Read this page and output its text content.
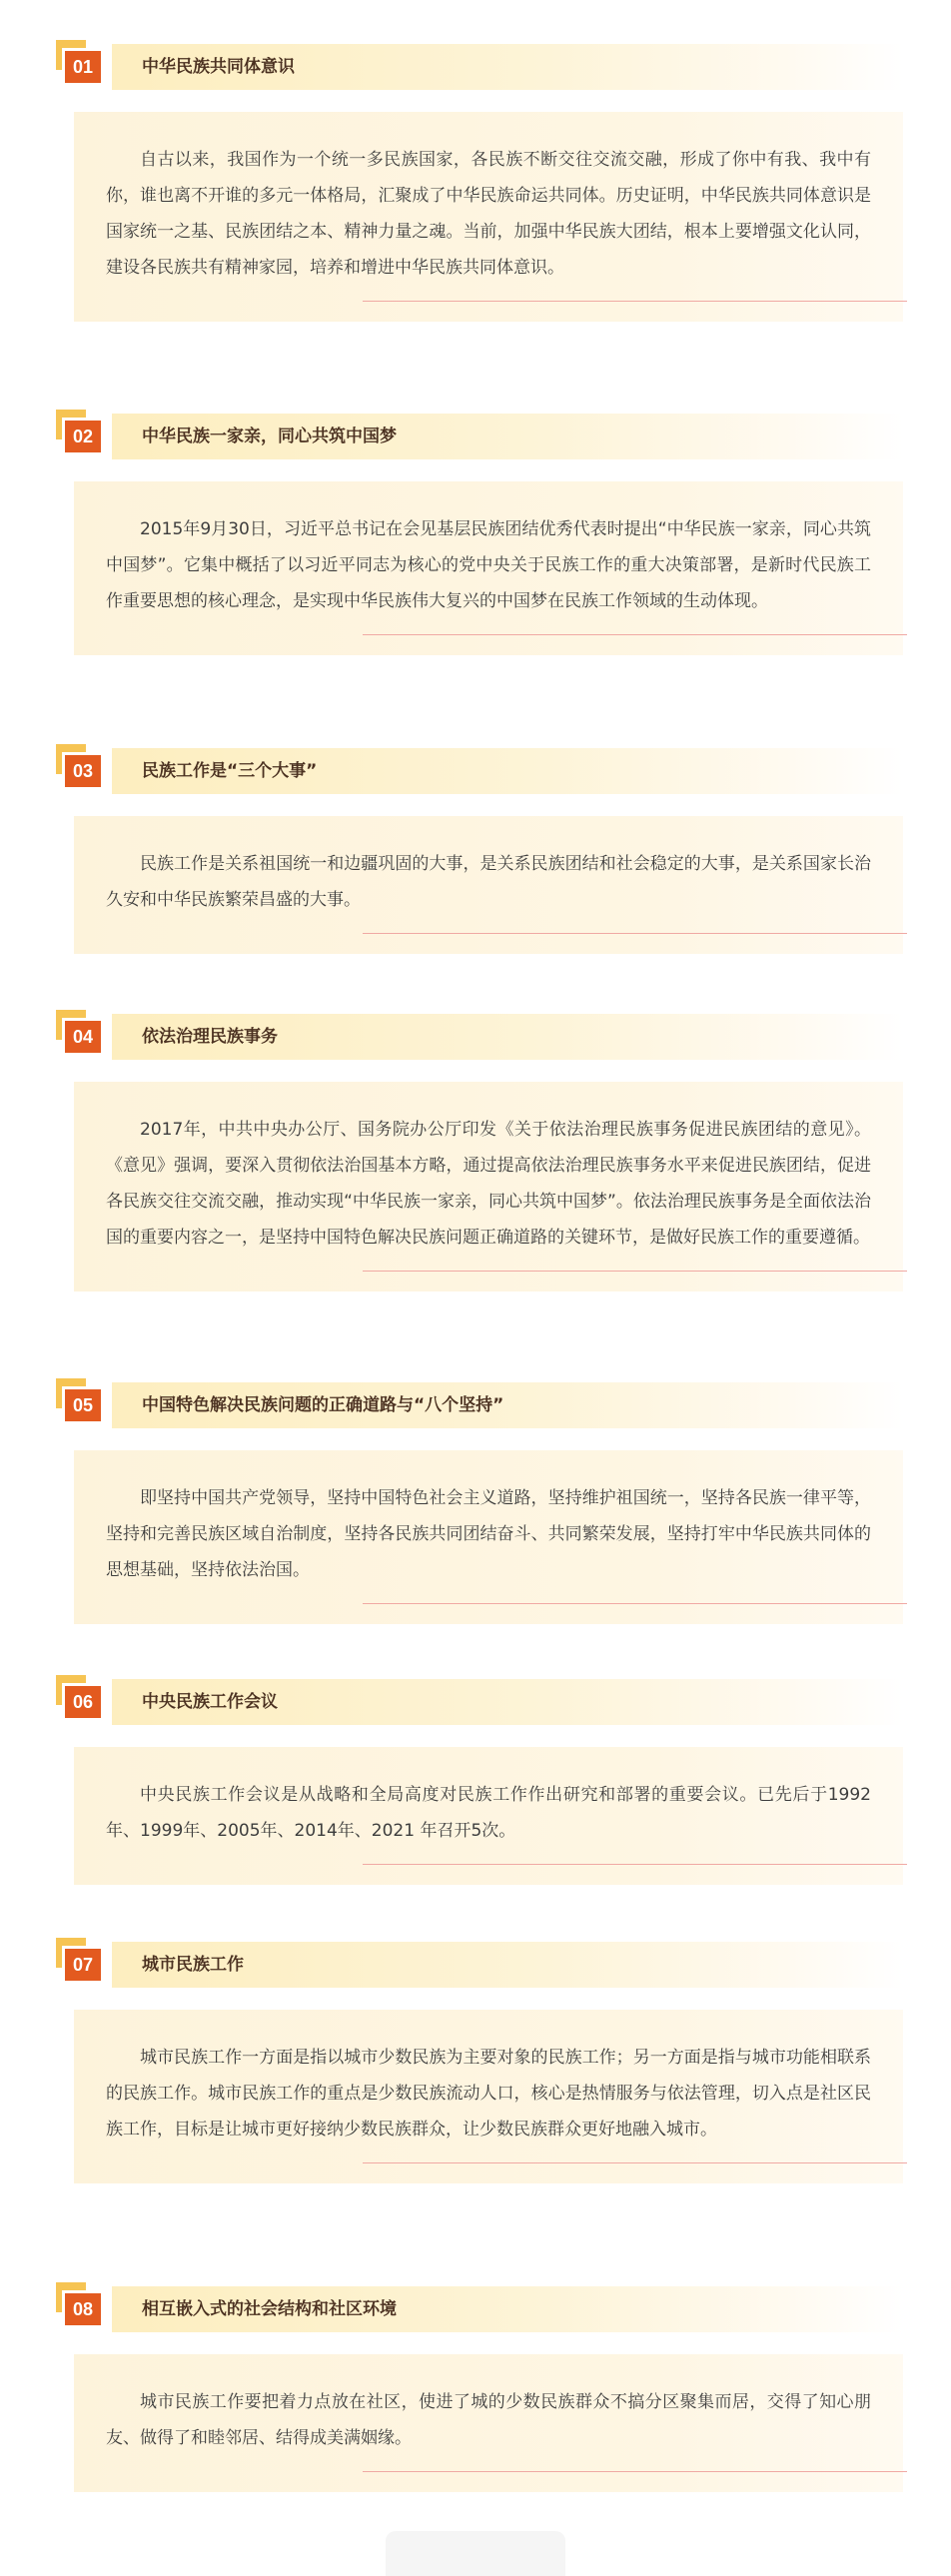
01	中华民族共同体意识

自古以来，我国作为一个统一多民族国家，各民族不断交往交流交融，形成了你中有我、我中有你，谁也离不开谁的多元一体格局，汇聚成了中华民族命运共同体。历史证明，中华民族共同体意识是国家统一之基、民族团结之本、精神力量之魂。当前，加强中华民族大团结，根本上要增强文化认同，建设各民族共有精神家园，培养和增进中华民族共同体意识。

02	中华民族一家亲，同心共筑中国梦

2015年9月30日，习近平总书记在会见基层民族团结优秀代表时提出“中华民族一家亲，同心共筑中国梦”。它集中概括了以习近平同志为核心的党中央关于民族工作的重大决策部署，是新时代民族工作重要思想的核心理念，是实现中华民族伟大复兴的中国梦在民族工作领域的生动体现。

03	民族工作是“三个大事”

民族工作是关系祖国统一和边疆巩固的大事，是关系民族团结和社会稳定的大事，是关系国家长治久安和中华民族繁荣昌盛的大事。

04	依法治理民族事务

2017年，中共中央办公厅、国务院办公厅印发《关于依法治理民族事务促进民族团结的意见》。《意见》强调，要深入贯彻依法治国基本方略，通过提高依法治理民族事务水平来促进民族团结，促进各民族交往交流交融，推动实现“中华民族一家亲，同心共筑中国梦”。依法治理民族事务是全面依法治国的重要内容之一，是坚持中国特色解决民族问题正确道路的关键环节，是做好民族工作的重要遵循。

05	中国特色解决民族问题的正确道路与“八个坚持”

即坚持中国共产党领导，坚持中国特色社会主义道路，坚持维护祖国统一，坚持各民族一律平等，坚持和完善民族区域自治制度，坚持各民族共同团结奋斗、共同繁荣发展，坚持打牢中华民族共同体的思想基础，坚持依法治国。

06	中央民族工作会议

中央民族工作会议是从战略和全局高度对民族工作作出研究和部署的重要会议。已先后于1992年、1999年、2005年、2014年、2021 年召开5次。

07	城市民族工作

城市民族工作一方面是指以城市少数民族为主要对象的民族工作；另一方面是指与城市功能相联系的民族工作。城市民族工作的重点是少数民族流动人口，核心是热情服务与依法管理，切入点是社区民族工作，目标是让城市更好接纳少数民族群众，让少数民族群众更好地融入城市。

08	相互嵌入式的社会结构和社区环境

城市民族工作要把着力点放在社区，使进了城的少数民族群众不搞分区聚集而居，交得了知心朋友、做得了和睦邻居、结得成美满姻缘。
